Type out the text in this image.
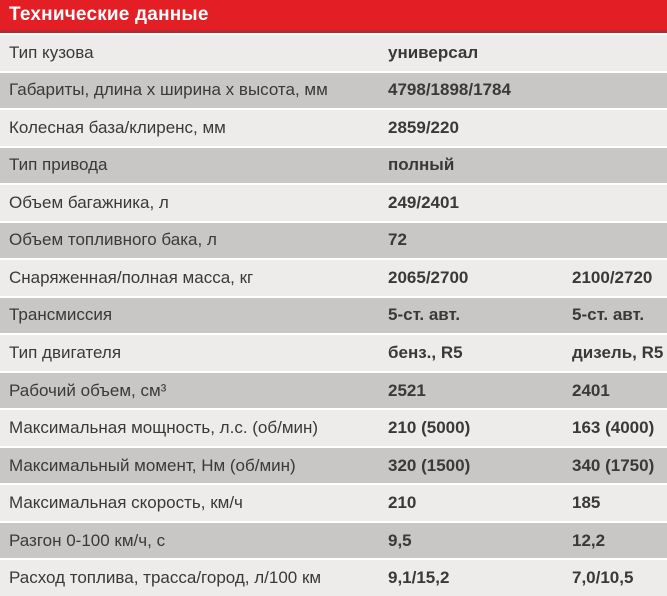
Технические данные
Тип кузова	универсал
Габариты, длина х ширина х высота, мм	4798/1898/1784
Колесная база/клиренс, мм	2859/220
Тип привода	полный
Объем багажника, л	249/2401
Объем топливного бака, л	72
Снаряженная/полная масса, кг	2065/2700	2100/2720
Трансмиссия	5-ст. авт.	5-ст. авт.
Тип двигателя	бенз., R5	дизель, R5
Рабочий объем, см³	2521	2401
Максимальная мощность, л.с. (об/мин)	210 (5000)	163 (4000)
Максимальный момент, Нм (об/мин)	320 (1500)	340 (1750)
Максимальная скорость, км/ч	210	185
Разгон 0-100 км/ч, с	9,5	12,2
Расход топлива, трасса/город, л/100 км	9,1/15,2	7,0/10,5
